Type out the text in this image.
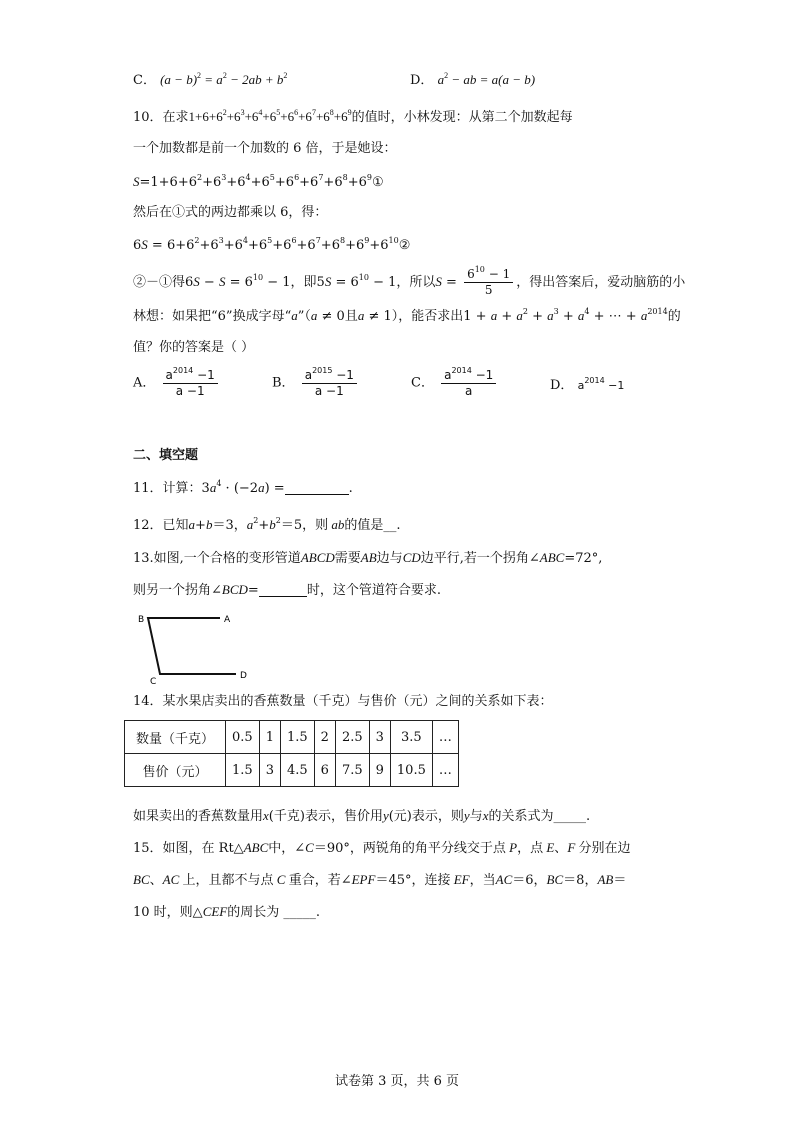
C． $(a - b)^2 = a^2 - 2ab + b^2$	D． $a^2$ − ab = a(a − b)
10．在求$1+6+6^2+6^3+6^4+6^5+6^6+6^7+6^8+6^9$的值时，小林发现：从第二个加数起每
一个加数都是前一个加数的 6 倍，于是她设：
$S=1+6+6^2+6^3+6^4+6^5+6^6+6^7+6^8+6^9①$
然后在①式的两边都乘以 6，得：
$6S = 6+6^2+6^3+6^4+6^5+6^6+6^7+6^8+6^9+6^{10}②$
②－①得$6S - S = 6^{10} - 1$，即$5S = 6^{10} - 1$，所以$S = \frac{6^{10} - 1}{5}$ ，得出答案后，爱动脑筋的小
林想：如果把“6”换成字母“a”（a ≠ 0且a ≠ 1），能否求出$1 + a + a^2 + a^3 + a^4$ + ⋯ + $a^{2014}$的
值？你的答案是（ ）
A． $\frac{a^{2014} -1}{a -1}$	B． $\frac{a^{2015} -1}{a -1}$	C． $\frac{a^{2014} -1}{a}$	D． $a^{2014} -1$
二、填空题
11．计算：$3a^4 \cdot (-2a)$ =	.
12．已知a+b＝3，$a^2+b^2=5$，则 ab的值是__.
13.如图,一个合格的变形管道ABCD需要AB边与CD边平行,若一个拐角∠ABC=72°,
则另一个拐角∠BCD=	时，这个管道符合要求.
B	A
C
D
14．某水果店卖出的香蕉数量（千克）与售价（元）之间的关系如下表：
数量（千克）	0.5	1	1.5	2	2.5	3	3.5	…
售价（元）	1.5	3	4.5	6	7.5	9	10.5	…
如果卖出的香蕉数量用x(千克)表示，售价用y(元)表示，则y与x的关系式为_____.
15．如图，在 Rt△ABC中，∠C＝90°，两锐角的角平分线交于点 P，点 E、F 分别在边
BC、AC 上，且都不与点 C 重合，若∠EPF＝45°，连接 EF，当AC＝6，BC＝8，AB＝
10 时，则△CEF的周长为 _____.
试卷第 3 页，共 6 页
